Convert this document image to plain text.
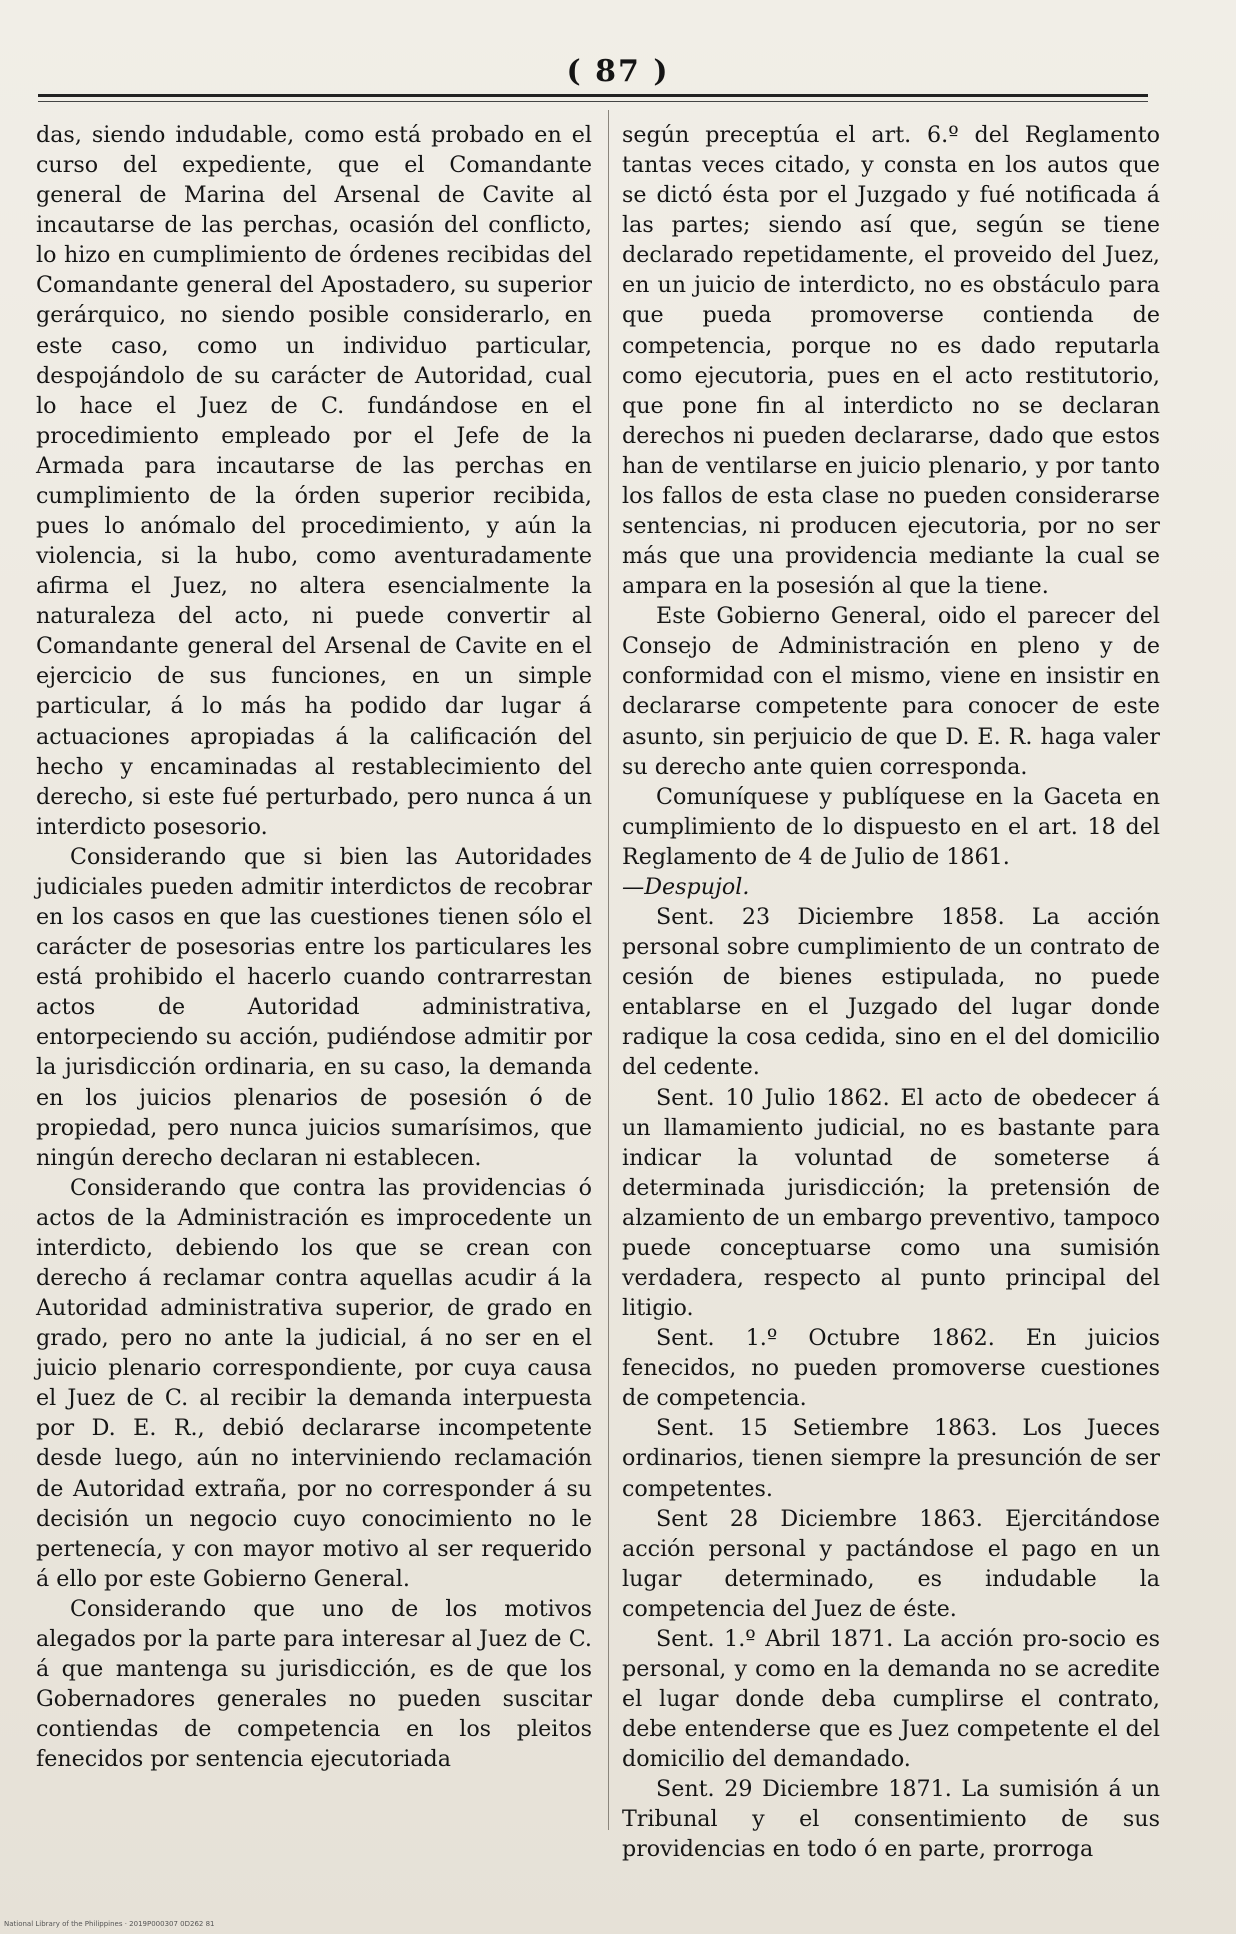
( 87 )

das, siendo indudable, como está probado en el curso del expediente, que el Comandante general de Marina del Arsenal de Cavite al incautarse de las perchas, ocasión del conflicto, lo hizo en cumplimiento de órdenes recibidas del Comandante general del Apostadero, su superior gerárquico, no siendo posible considerarlo, en este caso, como un individuo particular, despojándolo de su carácter de Autoridad, cual lo hace el Juez de C. fundándose en el procedimiento empleado por el Jefe de la Armada para incautarse de las perchas en cumplimiento de la órden superior recibida, pues lo anómalo del procedimiento, y aún la violencia, si la hubo, como aventuradamente afirma el Juez, no altera esencialmente la naturaleza del acto, ni puede convertir al Comandante general del Arsenal de Cavite en el ejercicio de sus funciones, en un simple particular, á lo más ha podido dar lugar á actuaciones apropiadas á la calificación del hecho y encaminadas al restablecimiento del derecho, si este fué perturbado, pero nunca á un interdicto posesorio.

Considerando que si bien las Autoridades judiciales pueden admitir interdictos de recobrar en los casos en que las cuestiones tienen sólo el carácter de posesorias entre los particulares les está prohibido el hacerlo cuando contrarrestan actos de Autoridad administrativa, entorpeciendo su acción, pudiéndose admitir por la jurisdicción ordinaria, en su caso, la demanda en los juicios plenarios de posesión ó de propiedad, pero nunca juicios sumarísimos, que ningún derecho declaran ni establecen.

Considerando que contra las providencias ó actos de la Administración es improcedente un interdicto, debiendo los que se crean con derecho á reclamar contra aquellas acudir á la Autoridad administrativa superior, de grado en grado, pero no ante la judicial, á no ser en el juicio plenario correspondiente, por cuya causa el Juez de C. al recibir la demanda interpuesta por D. E. R., debió declararse incompetente desde luego, aún no interviniendo reclamación de Autoridad extraña, por no corresponder á su decisión un negocio cuyo conocimiento no le pertenecía, y con mayor motivo al ser requerido á ello por este Gobierno General.

Considerando que uno de los motivos alegados por la parte para interesar al Juez de C. á que mantenga su jurisdicción, es de que los Gobernadores generales no pueden suscitar contiendas de competencia en los pleitos fenecidos por sentencia ejecutoriada

según preceptúa el art. 6.º del Reglamento tantas veces citado, y consta en los autos que se dictó ésta por el Juzgado y fué notificada á las partes; siendo así que, según se tiene declarado repetidamente, el proveido del Juez, en un juicio de interdicto, no es obstáculo para que pueda promoverse contienda de competencia, porque no es dado reputarla como ejecutoria, pues en el acto restitutorio, que pone fin al interdicto no se declaran derechos ni pueden declararse, dado que estos han de ventilarse en juicio plenario, y por tanto los fallos de esta clase no pueden considerarse sentencias, ni producen ejecutoria, por no ser más que una providencia mediante la cual se ampara en la posesión al que la tiene.

Este Gobierno General, oido el parecer del Consejo de Administración en pleno y de conformidad con el mismo, viene en insistir en declararse competente para conocer de este asunto, sin perjuicio de que D. E. R. haga valer su derecho ante quien corresponda.

Comuníquese y publíquese en la Gaceta en cumplimiento de lo dispuesto en el art. 18 del Reglamento de 4 de Julio de 1861.

—Despujol.

Sent. 23 Diciembre 1858. La acción personal sobre cumplimiento de un contrato de cesión de bienes estipulada, no puede entablarse en el Juzgado del lugar donde radique la cosa cedida, sino en el del domicilio del cedente.

Sent. 10 Julio 1862. El acto de obedecer á un llamamiento judicial, no es bastante para indicar la voluntad de someterse á determinada jurisdicción; la pretensión de alzamiento de un embargo preventivo, tampoco puede conceptuarse como una sumisión verdadera, respecto al punto principal del litigio.

Sent. 1.º Octubre 1862. En juicios fenecidos, no pueden promoverse cuestiones de competencia.

Sent. 15 Setiembre 1863. Los Jueces ordinarios, tienen siempre la presunción de ser competentes.

Sent 28 Diciembre 1863. Ejercitándose acción personal y pactándose el pago en un lugar determinado, es indudable la competencia del Juez de éste.

Sent. 1.º Abril 1871. La acción pro-socio es personal, y como en la demanda no se acredite el lugar donde deba cumplirse el contrato, debe entenderse que es Juez competente el del domicilio del demandado.

Sent. 29 Diciembre 1871. La sumisión á un Tribunal y el consentimiento de sus providencias en todo ó en parte, prorroga

National Library of the Philippines · 2019P000307 0D262 81
